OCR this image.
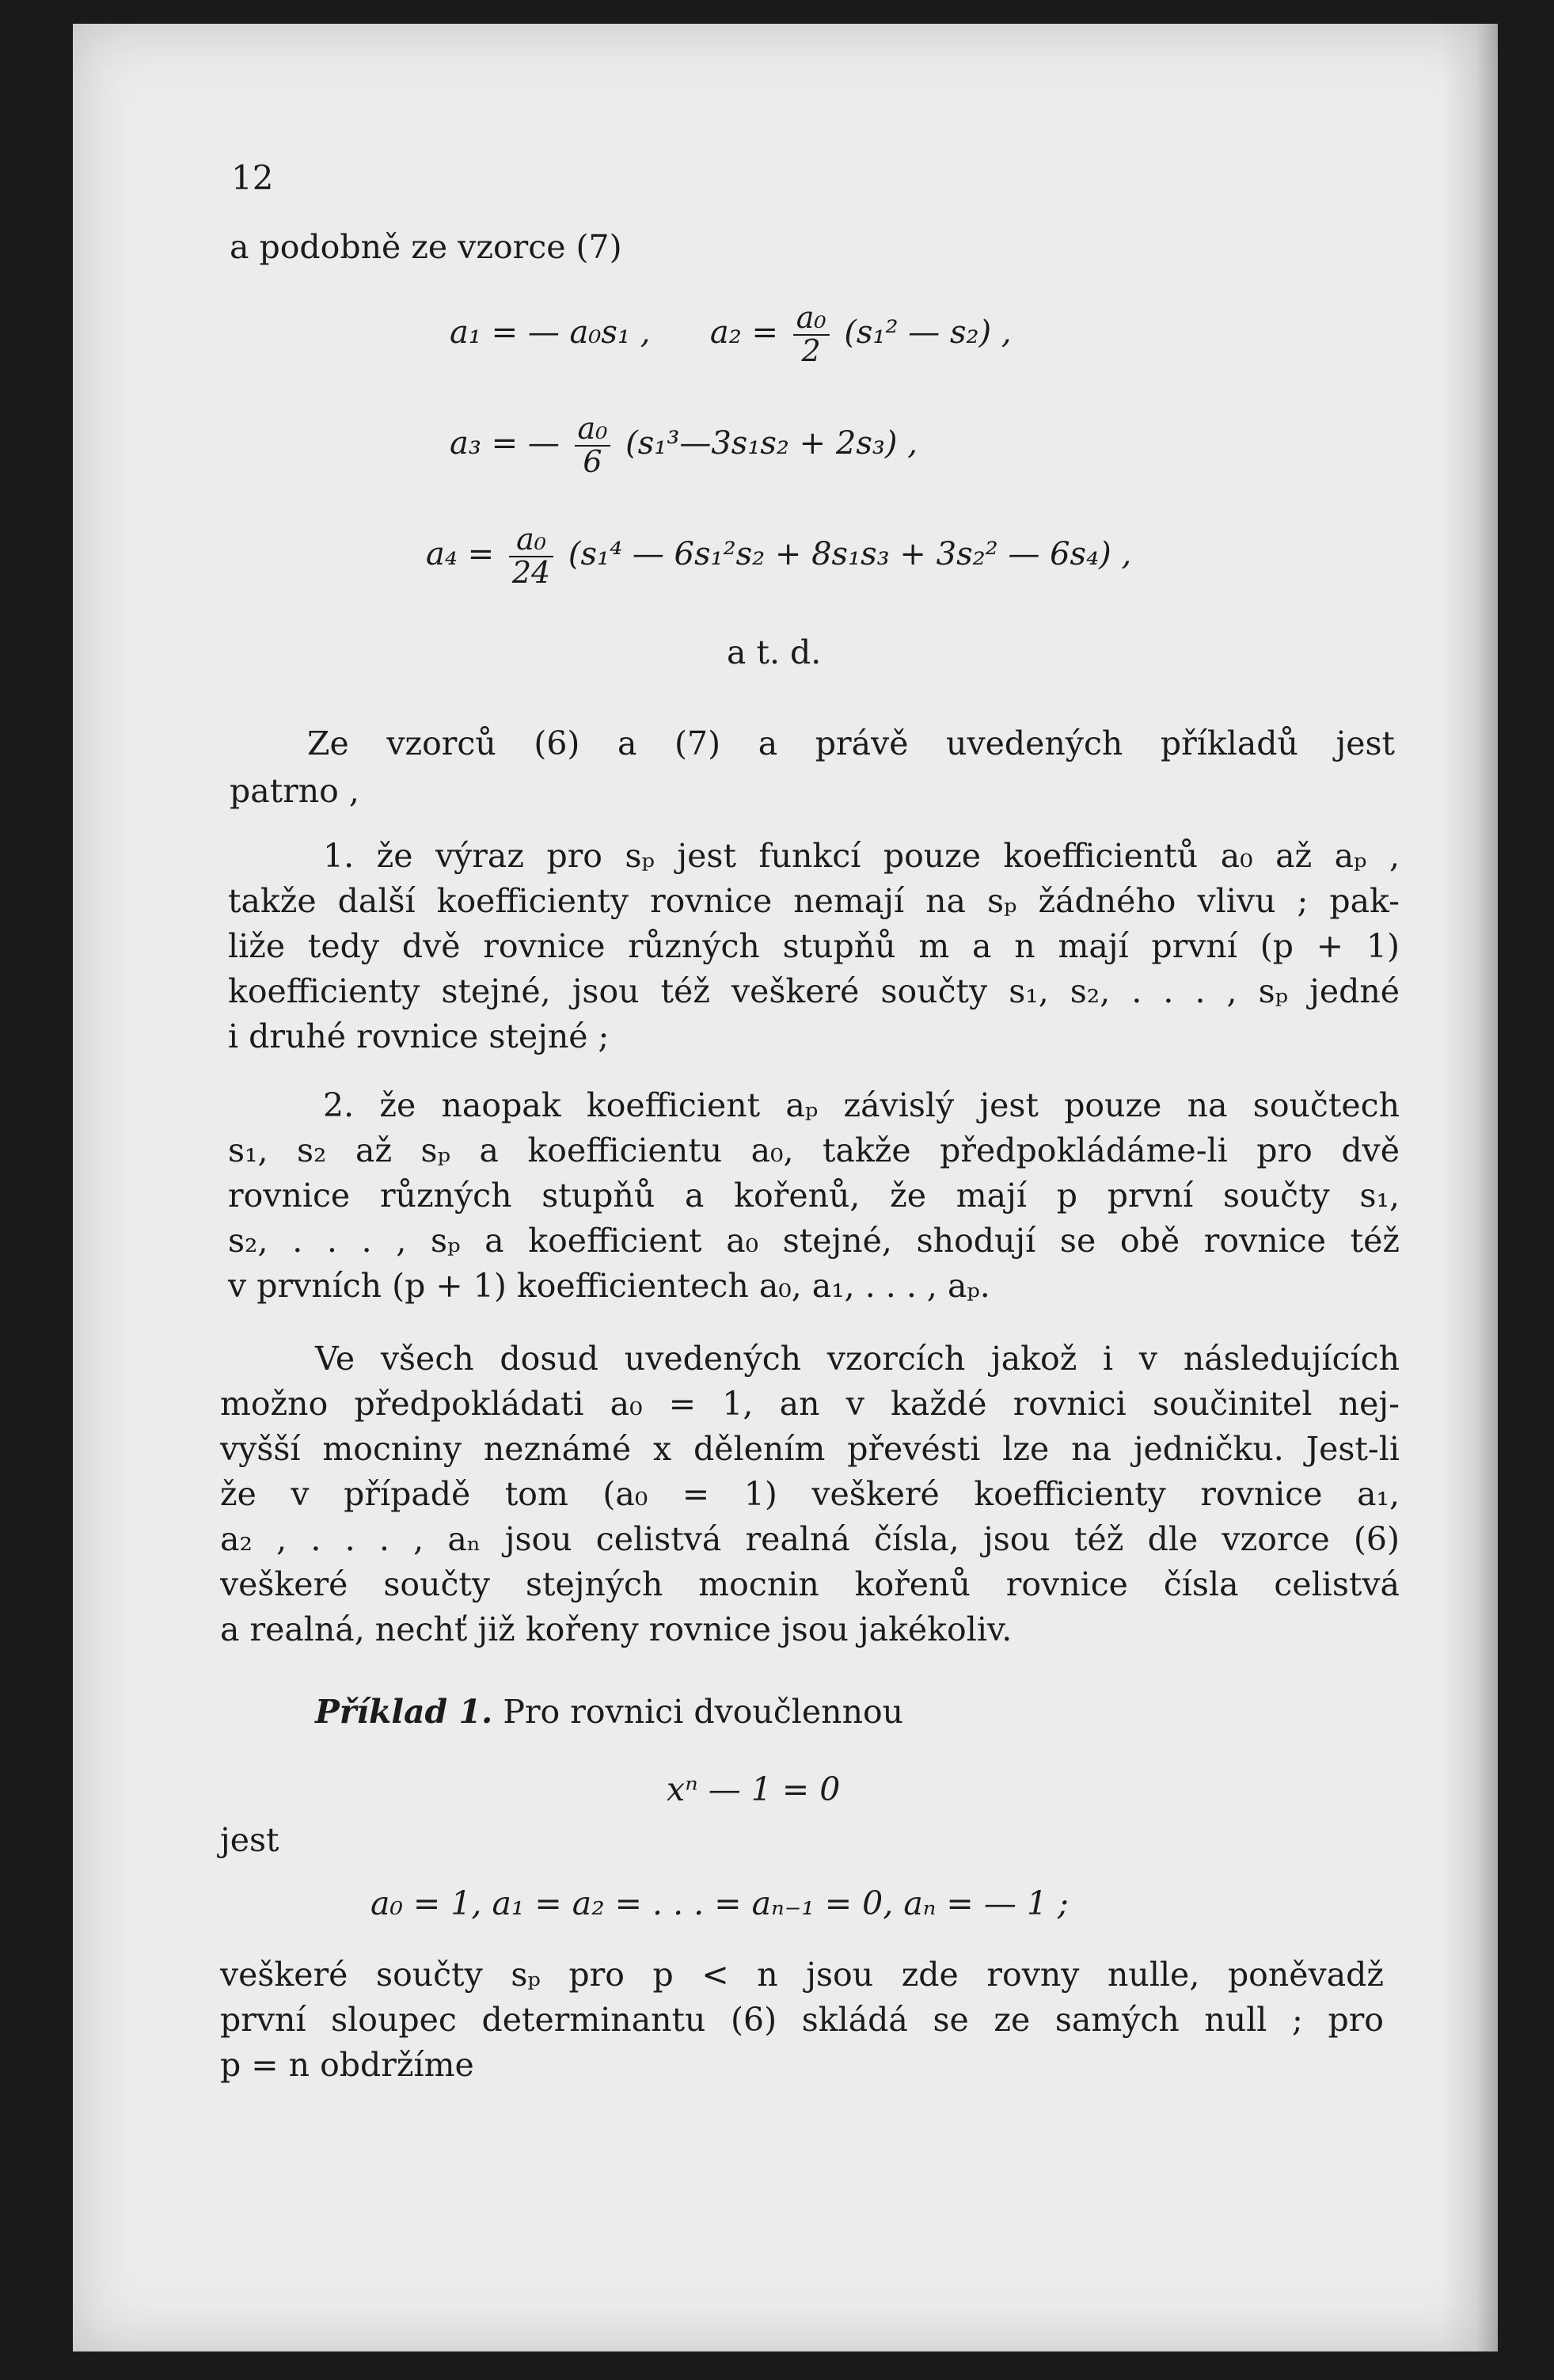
12
a podobně ze vzorce (7)
a₁ = — a₀s₁ , $a_2 = \frac{\text{a₀}}{2} (s_1^2$ — s₂) ,
a₃ = — $\frac{\text{a₀}}{6}$ (s₁³—3s₁s₂ + 2s₃) ,
$a_4 = \frac{\text{a₀}}{24} (s_1^4$ — 6s₁²s₂ + 8s₁s₃ + 3s₂² — 6s₄) ,
a t. d.
Ze vzorců (6) a (7) a právě uvedených příkladů jest
patrno ,
1. že výraz pro sₚ jest funkcí pouze koefficientů a₀ až aₚ ,
takže další koefficienty rovnice nemají na sₚ žádného vlivu ; pak-
liže tedy dvě rovnice různých stupňů m a n mají první (p + 1)
koefficienty stejné, jsou též veškeré součty s₁, s₂, . . . , sₚ jedné
i druhé rovnice stejné ;
2. že naopak koefficient aₚ závislý jest pouze na součtech
s₁, s₂ až sₚ a koefficientu a₀, takže předpokládáme-li pro dvě
rovnice různých stupňů a kořenů, že mají p první součty s₁,
s₂, . . . , sₚ a koefficient a₀ stejné, shodují se obě rovnice též
v prvních (p + 1) koefficientech a₀, a₁, . . . , aₚ.
Ve všech dosud uvedených vzorcích jakož i v následujících
možno předpokládati a₀ = 1, an v každé rovnici součinitel nej-
vyšší mocniny neznámé x dělením převésti lze na jedničku. Jest-li
že v případě tom (a₀ = 1) veškeré koefficienty rovnice a₁,
a₂ , . . . , aₙ jsou celistvá realná čísla, jsou též dle vzorce (6)
veškeré součty stejných mocnin kořenů rovnice čísla celistvá
a realná, nechť již kořeny rovnice jsou jakékoliv.
Příklad 1. Pro rovnici dvoučlennou
xⁿ — 1 = 0
jest
a₀ = 1, a₁ = a₂ = . . . = aₙ₋₁ = 0, aₙ = — 1 ;
veškeré součty sₚ pro p < n jsou zde rovny nulle, poněvadž
první sloupec determinantu (6) skládá se ze samých null ; pro
p = n obdržíme
